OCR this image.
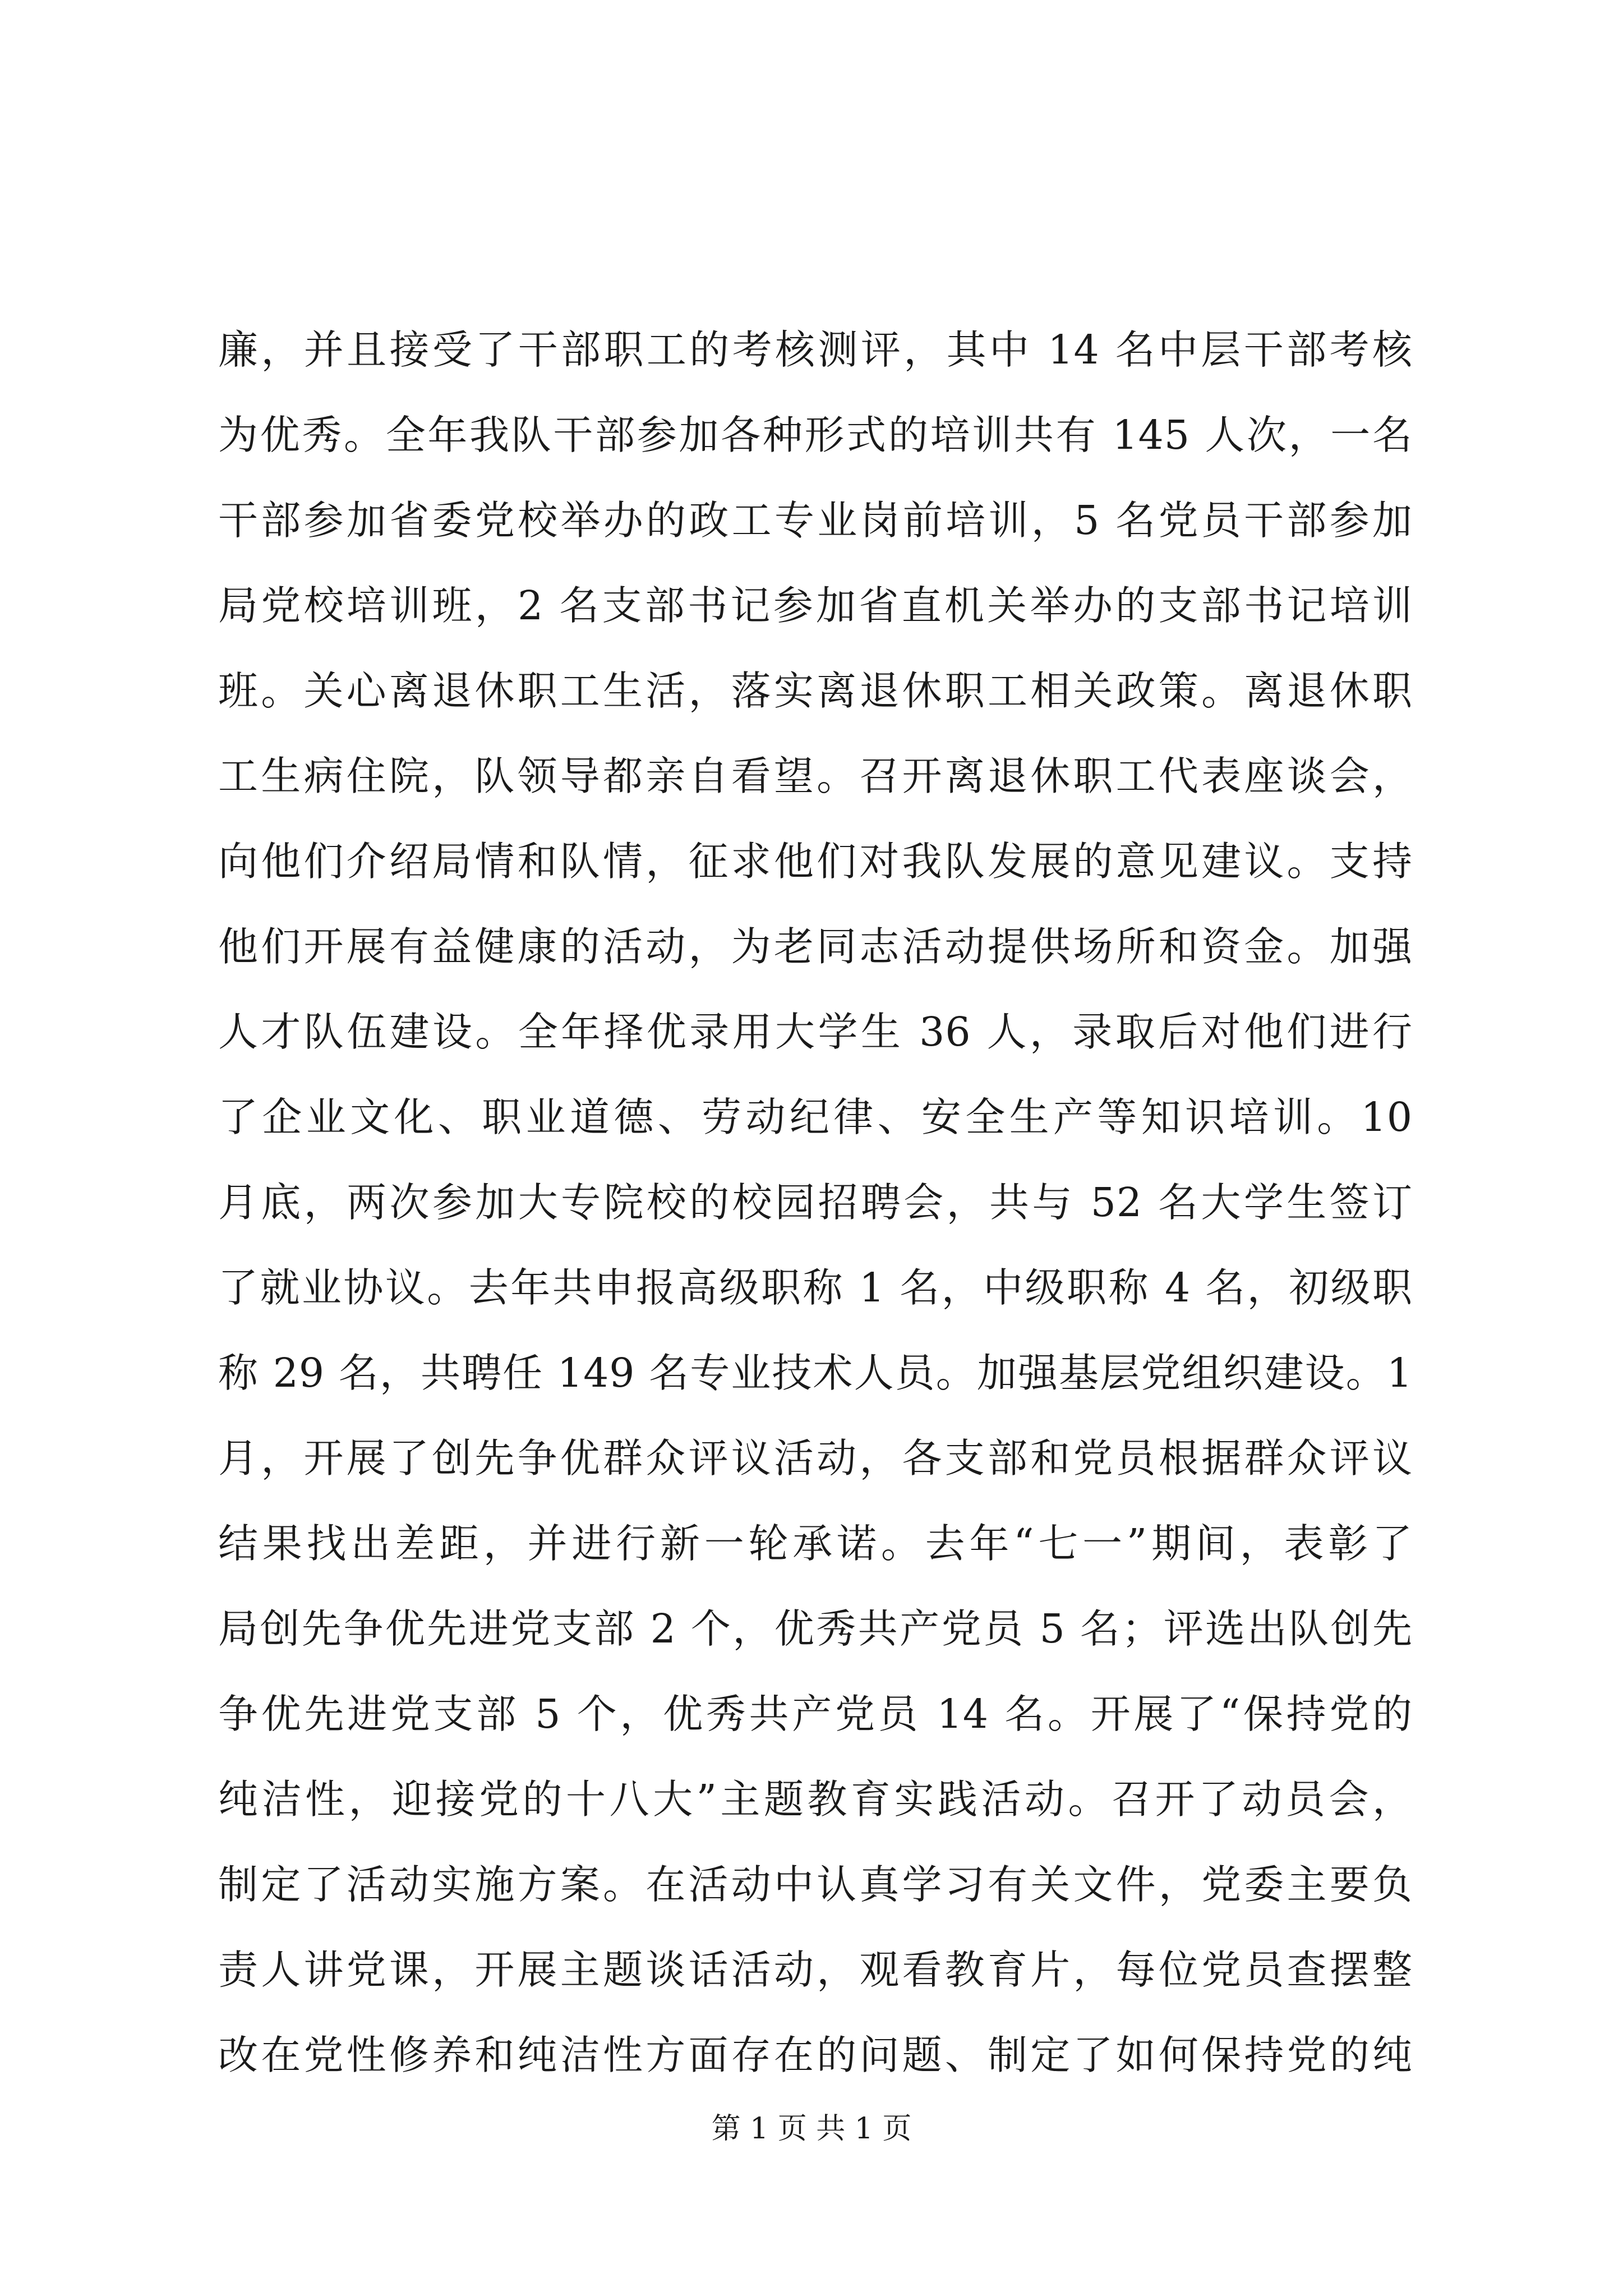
廉，并且接受了干部职工的考核测评，其中 14 名中层干部考核
为优秀。全年我队干部参加各种形式的培训共有 145 人次，一名
干部参加省委党校举办的政工专业岗前培训，5 名党员干部参加
局党校培训班，2 名支部书记参加省直机关举办的支部书记培训
班。关心离退休职工生活，落实离退休职工相关政策。离退休职
工生病住院，队领导都亲自看望。召开离退休职工代表座谈会，
向他们介绍局情和队情，征求他们对我队发展的意见建议。支持
他们开展有益健康的活动，为老同志活动提供场所和资金。加强
人才队伍建设。全年择优录用大学生 36 人，录取后对他们进行
了企业文化、职业道德、劳动纪律、安全生产等知识培训。10
月底，两次参加大专院校的校园招聘会，共与 52 名大学生签订
了就业协议。去年共申报高级职称 1 名，中级职称 4 名，初级职
称 29 名，共聘任 149 名专业技术人员。加强基层党组织建设。1
月，开展了创先争优群众评议活动，各支部和党员根据群众评议
结果找出差距，并进行新一轮承诺。去年“七一”期间，表彰了
局创先争优先进党支部 2 个，优秀共产党员 5 名；评选出队创先
争优先进党支部 5 个，优秀共产党员 14 名。开展了“保持党的
纯洁性，迎接党的十八大”主题教育实践活动。召开了动员会，
制定了活动实施方案。在活动中认真学习有关文件，党委主要负
责人讲党课，开展主题谈话活动，观看教育片，每位党员查摆整
改在党性修养和纯洁性方面存在的问题、制定了如何保持党的纯
第 1 页 共 1 页
